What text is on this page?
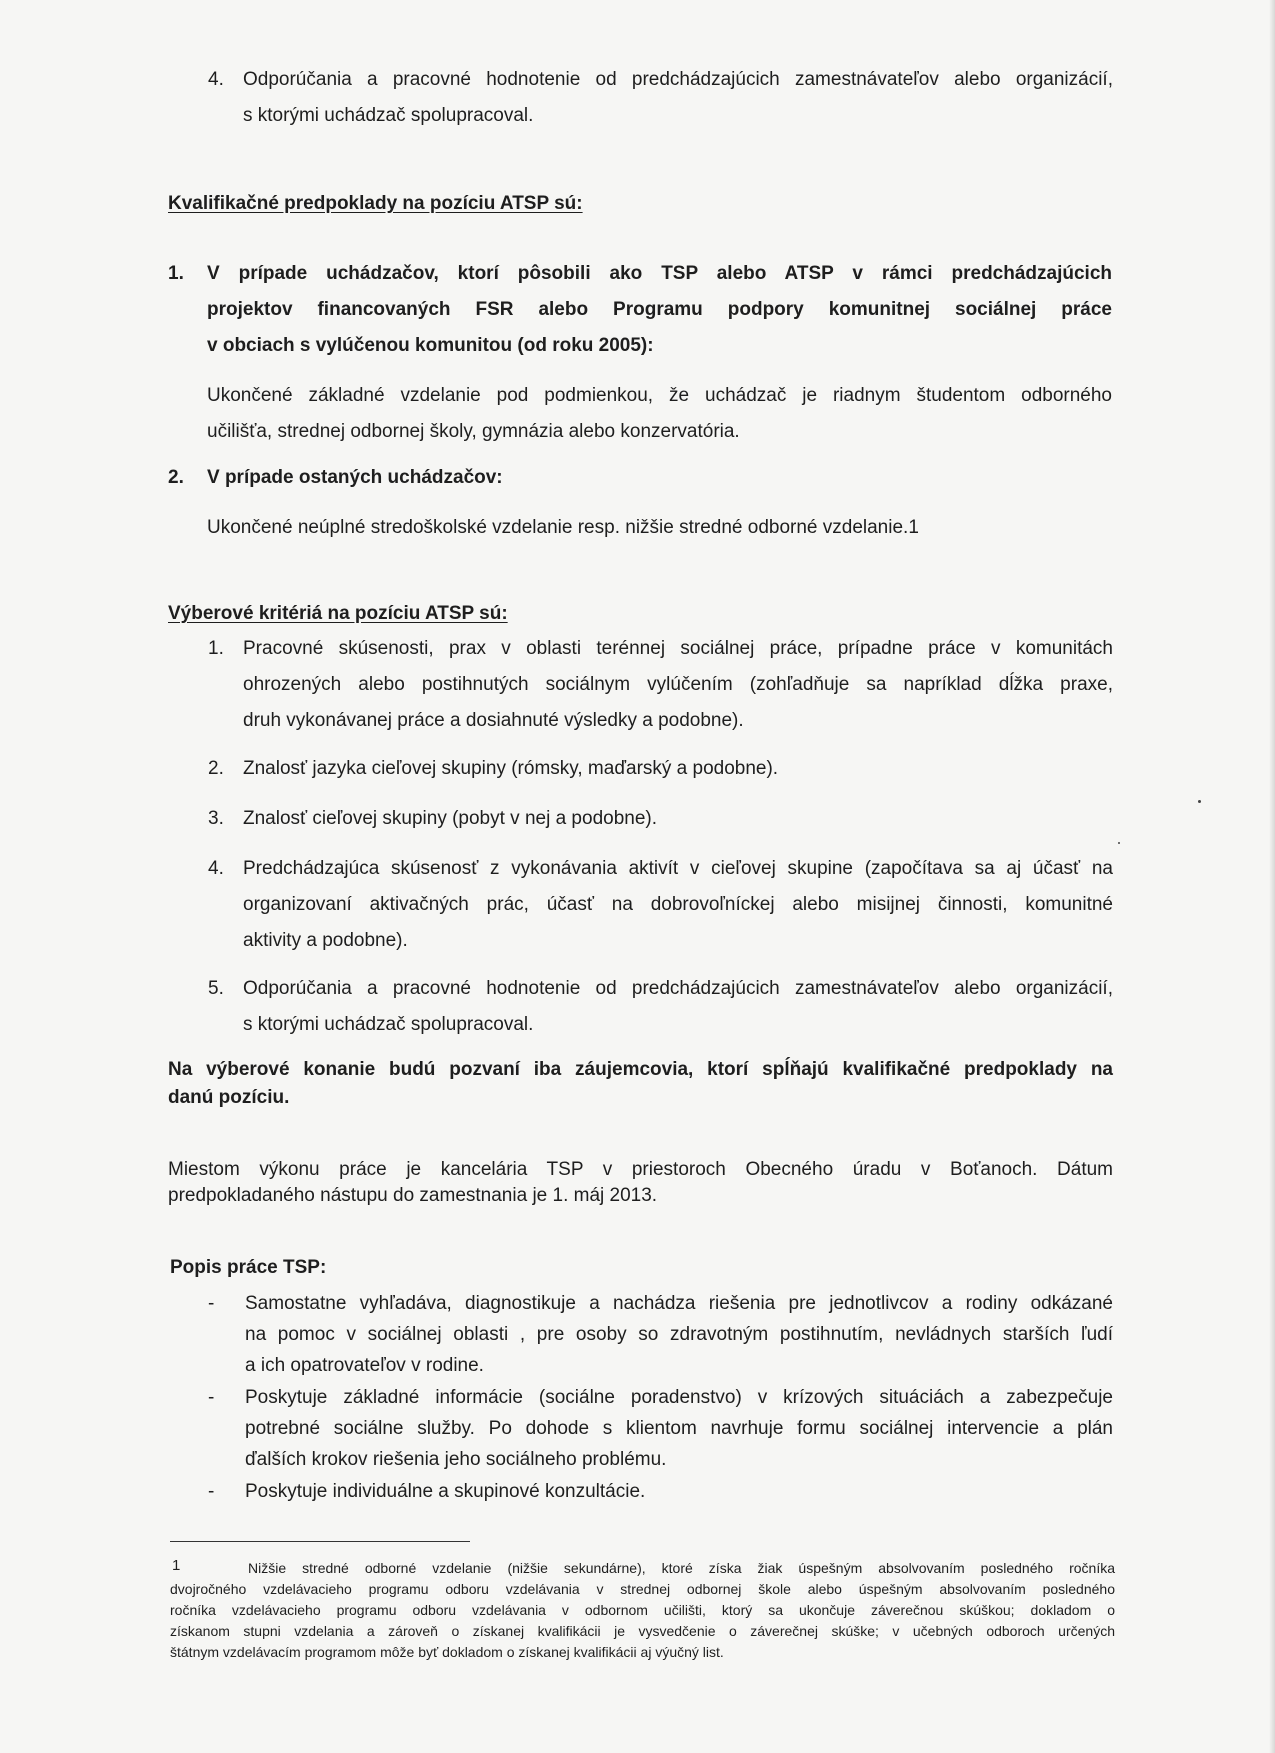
4. Odporúčania a pracovné hodnotenie od predchádzajúcich zamestnávateľov alebo organizácií,
s ktorými uchádzač spolupracoval.
Kvalifikačné predpoklady na pozíciu ATSP sú:
1. V prípade uchádzačov, ktorí pôsobili ako TSP alebo ATSP v rámci predchádzajúcich
projektov financovaných FSR alebo Programu podpory komunitnej sociálnej práce
v obciach s vylúčenou komunitou (od roku 2005):
Ukončené základné vzdelanie pod podmienkou, že uchádzač je riadnym študentom odborného
učilišťa, strednej odbornej školy, gymnázia alebo konzervatória.
2. V prípade ostaných uchádzačov:
Ukončené neúplné stredoškolské vzdelanie resp. nižšie stredné odborné vzdelanie.1
Výberové kritériá na pozíciu ATSP sú:
1. Pracovné skúsenosti, prax v oblasti terénnej sociálnej práce, prípadne práce v komunitách
ohrozených alebo postihnutých sociálnym vylúčením (zohľadňuje sa napríklad dĺžka praxe,
druh vykonávanej práce a dosiahnuté výsledky a podobne).
2. Znalosť jazyka cieľovej skupiny (rómsky, maďarský a podobne).
3. Znalosť cieľovej skupiny (pobyt v nej a podobne).
4. Predchádzajúca skúsenosť z vykonávania aktivít v cieľovej skupine (započítava sa aj účasť na
organizovaní aktivačných prác, účasť na dobrovoľníckej alebo misijnej činnosti, komunitné
aktivity a podobne).
5. Odporúčania a pracovné hodnotenie od predchádzajúcich zamestnávateľov alebo organizácií,
s ktorými uchádzač spolupracoval.
Na výberové konanie budú pozvaní iba záujemcovia, ktorí spĺňajú kvalifikačné predpoklady na
danú pozíciu.
Miestom výkonu práce je kancelária TSP v priestoroch Obecného úradu v Boťanoch. Dátum
predpokladaného nástupu do zamestnania je 1. máj 2013.
Popis práce TSP:
- Samostatne vyhľadáva, diagnostikuje a nachádza riešenia pre jednotlivcov a rodiny odkázané
na pomoc v sociálnej oblasti , pre osoby so zdravotným postihnutím, nevládnych starších ľudí
a ich opatrovateľov v rodine.
- Poskytuje základné informácie (sociálne poradenstvo) v krízových situáciách a zabezpečuje
potrebné sociálne služby. Po dohode s klientom navrhuje formu sociálnej intervencie a plán
ďalších krokov riešenia jeho sociálneho problému.
- Poskytuje individuálne a skupinové konzultácie.
1	Nižšie stredné odborné vzdelanie (nižšie sekundárne), ktoré získa žiak úspešným absolvovaním posledného ročníka
dvojročného vzdelávacieho programu odboru vzdelávania v strednej odbornej škole alebo úspešným absolvovaním posledného
ročníka vzdelávacieho programu odboru vzdelávania v odbornom učilišti, ktorý sa ukončuje záverečnou skúškou; dokladom o
získanom stupni vzdelania a zároveň o získanej kvalifikácii je vysvedčenie o záverečnej skúške; v učebných odboroch určených
štátnym vzdelávacím programom môže byť dokladom o získanej kvalifikácii aj výučný list.
